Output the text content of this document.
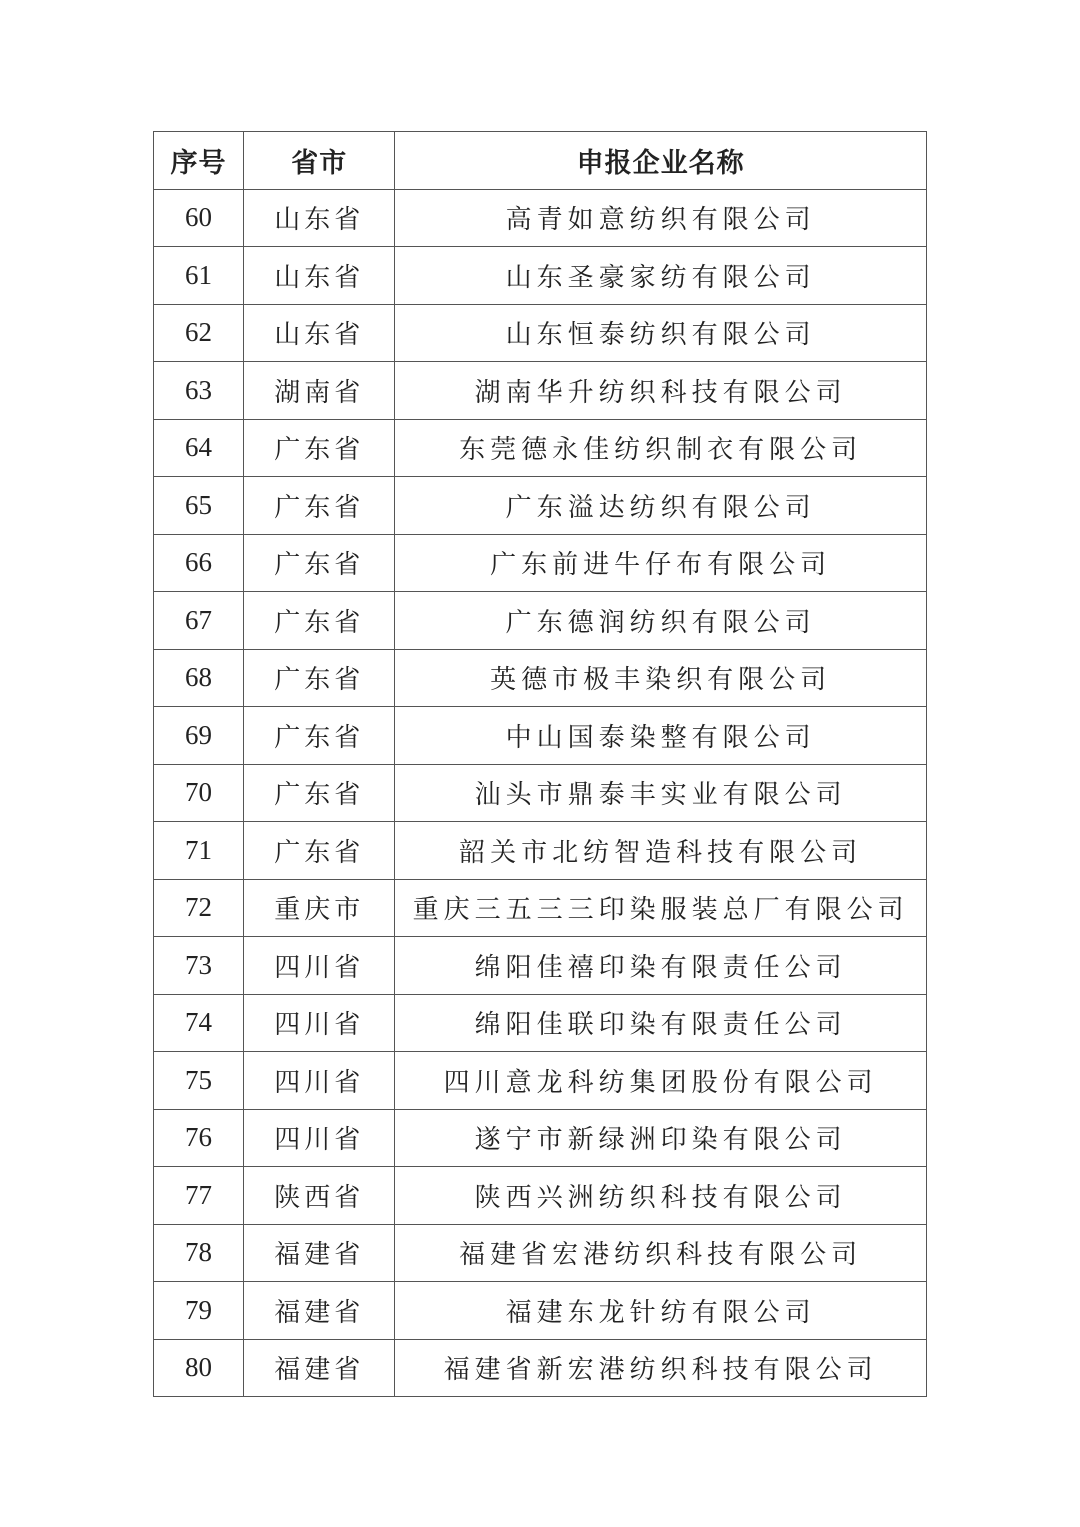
序号	省市	申报企业名称
60	山东省	高青如意纺织有限公司
61	山东省	山东圣豪家纺有限公司
62	山东省	山东恒泰纺织有限公司
63	湖南省	湖南华升纺织科技有限公司
64	广东省	东莞德永佳纺织制衣有限公司
65	广东省	广东溢达纺织有限公司
66	广东省	广东前进牛仔布有限公司
67	广东省	广东德润纺织有限公司
68	广东省	英德市极丰染织有限公司
69	广东省	中山国泰染整有限公司
70	广东省	汕头市鼎泰丰实业有限公司
71	广东省	韶关市北纺智造科技有限公司
72	重庆市	重庆三五三三印染服装总厂有限公司
73	四川省	绵阳佳禧印染有限责任公司
74	四川省	绵阳佳联印染有限责任公司
75	四川省	四川意龙科纺集团股份有限公司
76	四川省	遂宁市新绿洲印染有限公司
77	陕西省	陕西兴洲纺织科技有限公司
78	福建省	福建省宏港纺织科技有限公司
79	福建省	福建东龙针纺有限公司
80	福建省	福建省新宏港纺织科技有限公司
